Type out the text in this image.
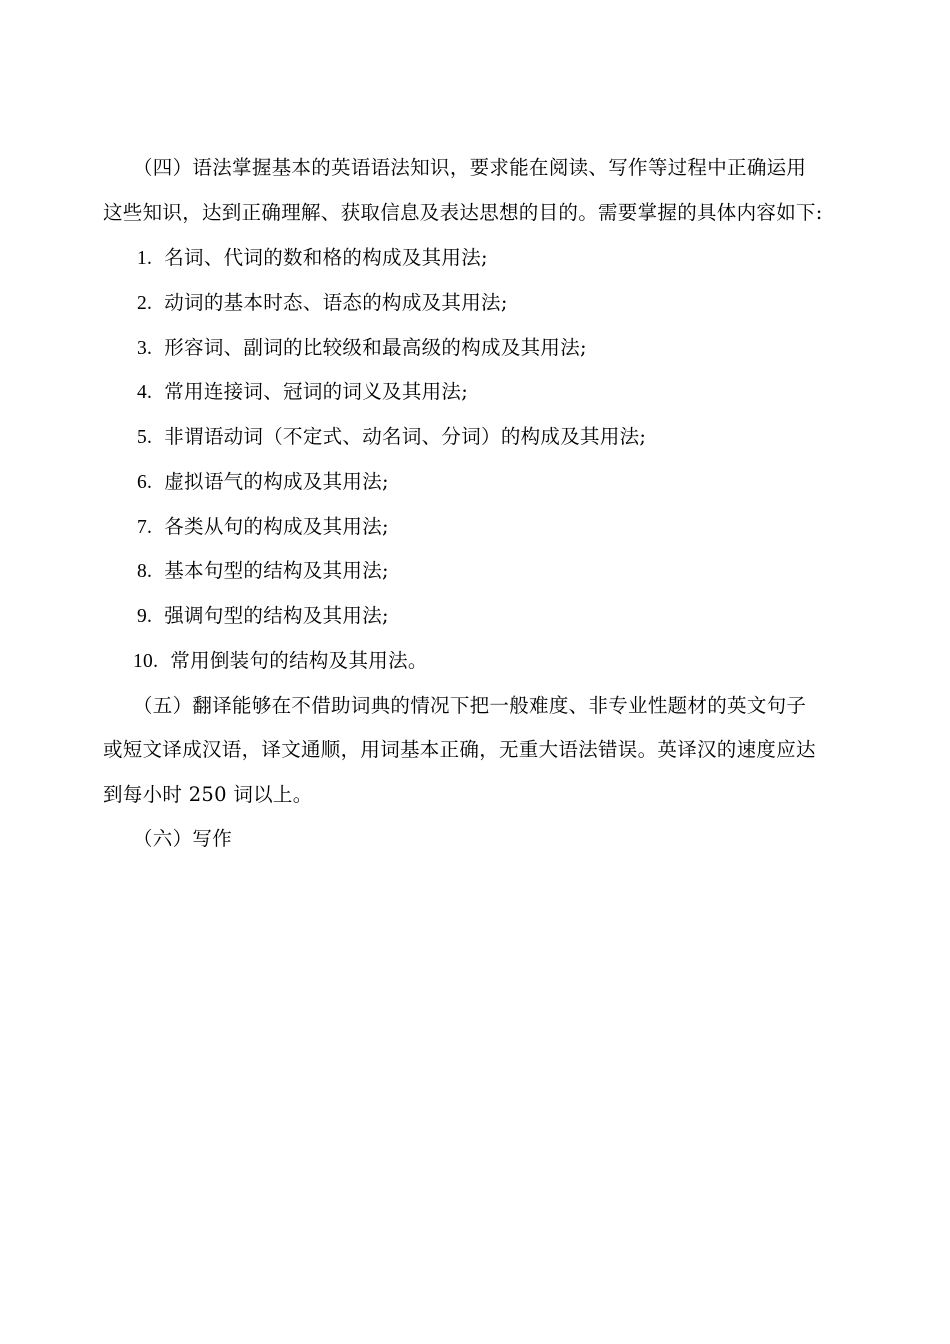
（四）语法掌握基本的英语语法知识，要求能在阅读、写作等过程中正确运用
这些知识，达到正确理解、获取信息及表达思想的目的。需要掌握的具体内容如下:
1. 名词、代词的数和格的构成及其用法;
2. 动词的基本时态、语态的构成及其用法;
3. 形容词、副词的比较级和最高级的构成及其用法;
4. 常用连接词、冠词的词义及其用法;
5. 非谓语动词（不定式、动名词、分词）的构成及其用法;
6. 虚拟语气的构成及其用法;
7. 各类从句的构成及其用法;
8. 基本句型的结构及其用法;
9. 强调句型的结构及其用法;
10. 常用倒装句的结构及其用法。
（五）翻译能够在不借助词典的情况下把一般难度、非专业性题材的英文句子
或短文译成汉语，译文通顺，用词基本正确，无重大语法错误。英译汉的速度应达
到每小时 250 词以上。
（六）写作
